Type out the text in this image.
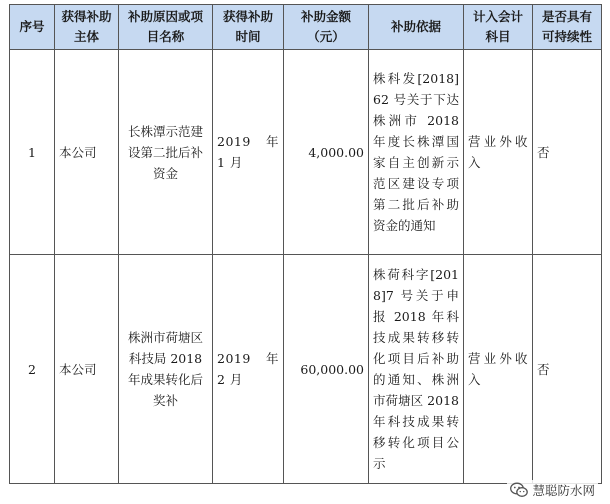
序号	获得补助主体	补助原因或项目名称	获得补助时间	补助金额（元）	补助依据	计入会计科目	是否具有可持续性
1	本公司	长株潭示范建设第二批后补资金	2019 年 1 月	4,000.00	株科发[2018]62 号关于下达株洲市 2018 年度长株潭国家自主创新示范区建设专项第二批后补助资金的通知	营业外收入	否
2	本公司	株洲市荷塘区科技局 2018年成果转化后奖补	2019 年 2 月	60,000.00	株荷科字[2018]7 号关于申报 2018 年科技成果转移转化项目后补助的通知、株洲市荷塘区 2018 年科技成果转移转化项目公示	营业外收入	否
慧聪防水网
